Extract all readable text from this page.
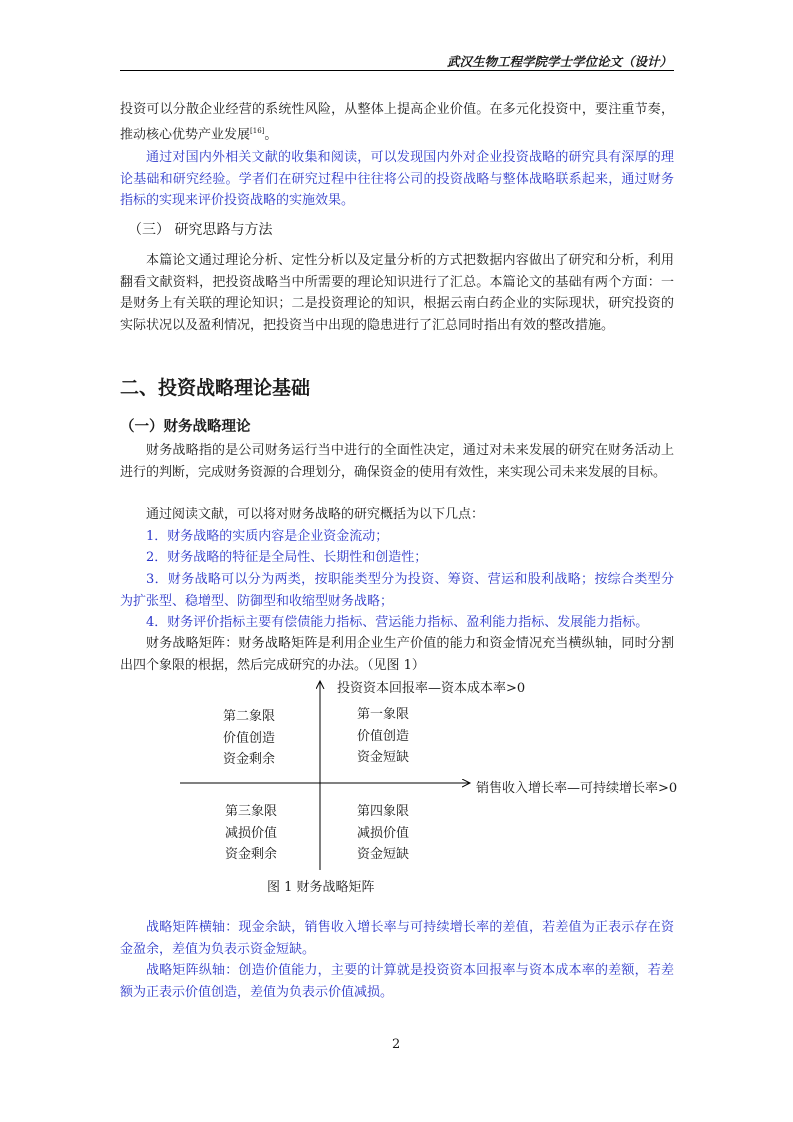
武汉生物工程学院学士学位论文（设计）

投资可以分散企业经营的系统性风险，从整体上提高企业价值。在多元化投资中，要注重节奏，推动核心优势产业发展[16]。

通过对国内外相关文献的收集和阅读，可以发现国内外对企业投资战略的研究具有深厚的理论基础和研究经验。学者们在研究过程中往往将公司的投资战略与整体战略联系起来，通过财务指标的实现来评价投资战略的实施效果。

（三） 研究思路与方法

本篇论文通过理论分析、定性分析以及定量分析的方式把数据内容做出了研究和分析，利用翻看文献资料，把投资战略当中所需要的理论知识进行了汇总。本篇论文的基础有两个方面：一是财务上有关联的理论知识；二是投资理论的知识，根据云南白药企业的实际现状，研究投资的实际状况以及盈利情况，把投资当中出现的隐患进行了汇总同时指出有效的整改措施。

二、投资战略理论基础
（一）财务战略理论

财务战略指的是公司财务运行当中进行的全面性决定，通过对未来发展的研究在财务活动上进行的判断，完成财务资源的合理划分，确保资金的使用有效性，来实现公司未来发展的目标。

通过阅读文献，可以将对财务战略的研究概括为以下几点：

1．财务战略的实质内容是企业资金流动；
2．财务战略的特征是全局性、长期性和创造性；

3．财务战略可以分为两类，按职能类型分为投资、筹资、营运和股利战略；按综合类型分为扩张型、稳增型、防御型和收缩型财务战略；

4．财务评价指标主要有偿债能力指标、营运能力指标、盈利能力指标、发展能力指标。

财务战略矩阵：财务战略矩阵是利用企业生产价值的能力和资金情况充当横纵轴，同时分割出四个象限的根据，然后完成研究的办法。（见图 1）

投资资本回报率—资本成本率>0
销售收入增长率—可持续增长率>0
第二象限
价值创造
资金剩余
第一象限
价值创造
资金短缺
第三象限
减损价值
资金剩余
第四象限
减损价值
资金短缺
图 1 财务战略矩阵

战略矩阵横轴：现金余缺，销售收入增长率与可持续增长率的差值，若差值为正表示存在资金盈余，差值为负表示资金短缺。

战略矩阵纵轴：创造价值能力，主要的计算就是投资资本回报率与资本成本率的差额，若差额为正表示价值创造，差值为负表示价值减损。

2
